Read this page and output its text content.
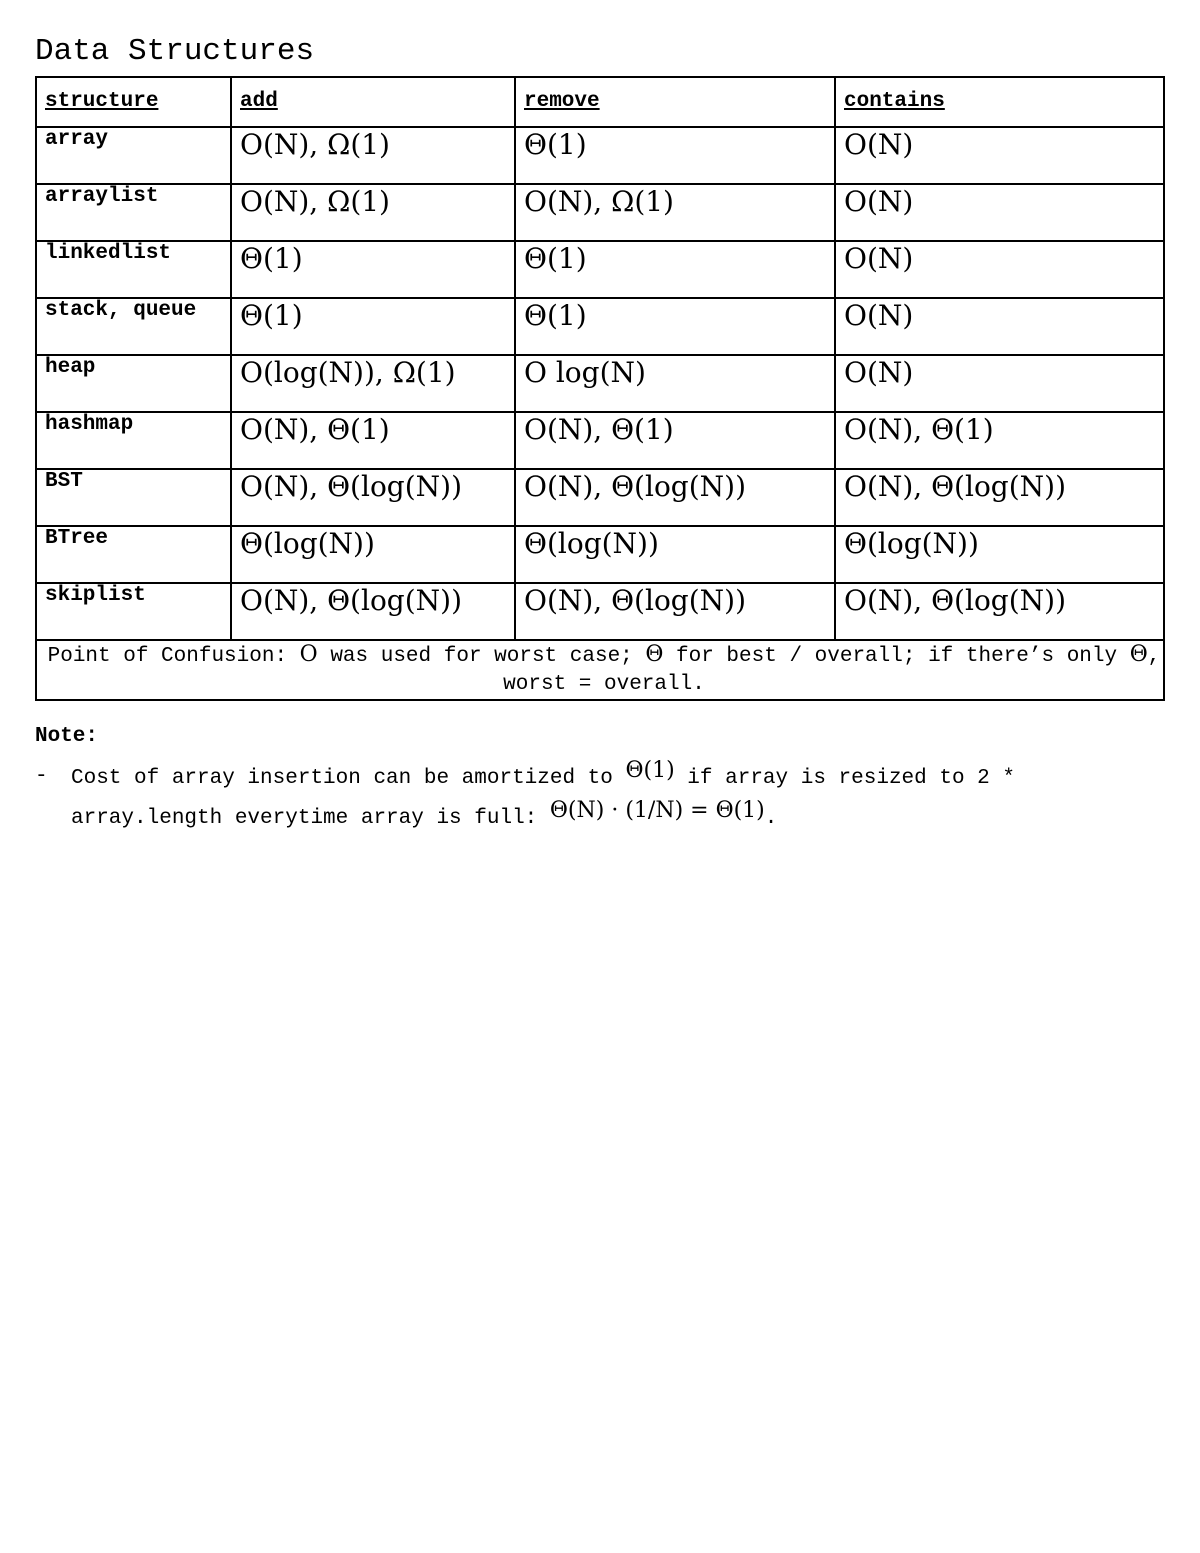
Data Structures
structure	add	remove	contains
array	O(N), Ω(1)	Θ(1)	O(N)
arraylist	O(N), Ω(1)	O(N), Ω(1)	O(N)
linkedlist	Θ(1)	Θ(1)	O(N)
stack, queue	Θ(1)	Θ(1)	O(N)
heap	O(log(N)), Ω(1)	O log(N)	O(N)
hashmap	O(N), Θ(1)	O(N), Θ(1)	O(N), Θ(1)
BST	O(N), Θ(log(N))	O(N), Θ(log(N))	O(N), Θ(log(N))
BTree	Θ(log(N))	Θ(log(N))	Θ(log(N))
skiplist	O(N), Θ(log(N))	O(N), Θ(log(N))	O(N), Θ(log(N))
Point of Confusion: O was used for worst case; Θ for best / overall; if there’s only Θ, worst = overall.			
Note:
-	Cost of array insertion can be amortized to Θ(1) if array is resized to 2 * array.length everytime array is full: Θ(N) · (1/N) = Θ(1).
